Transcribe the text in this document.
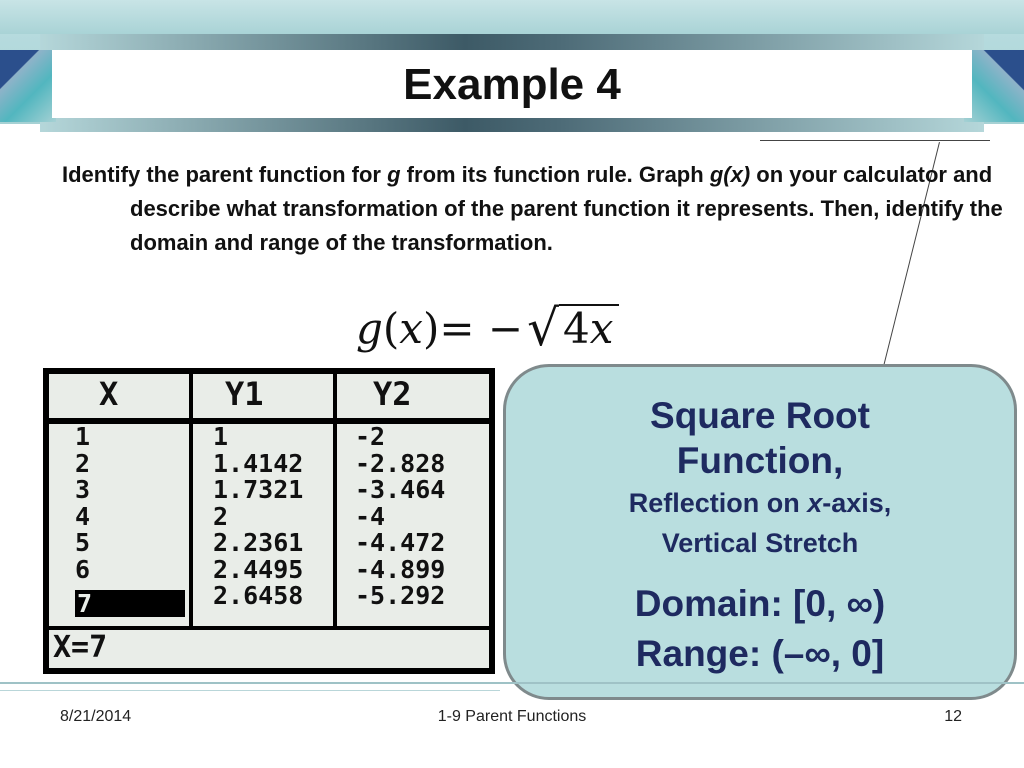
Example 4
Identify the parent function for g from its function rule. Graph g(x) on your calculator and describe what transformation of the parent function it represents. Then, identify the domain and range of the transformation.
g ( x ) = − √ 4x
7
X
1
2
3
4
5
6
Y1
1
1.4142
1.7321
2
2.2361
2.4495
2.6458
Y2
-2
-2.828
-3.464
-4
-4.472
-4.899
-5.292
X=7
Square Root
Function,
Reflection on x-axis,
Vertical Stretch
Domain: [0, ∞)
Range: (–∞, 0]
8/21/2014	1-9 Parent Functions	12
